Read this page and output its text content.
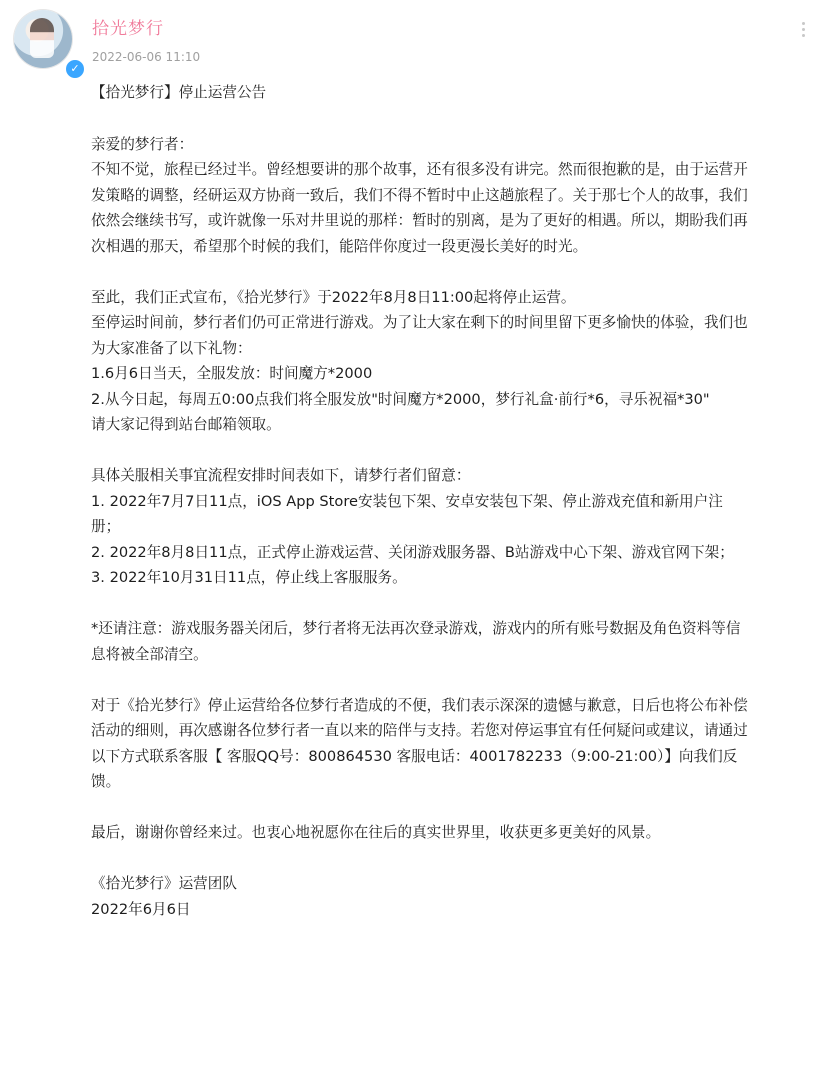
✓
拾光梦行
2022-06-06 11:10

【拾光梦行】停止运营公告

亲爱的梦行者：

不知不觉，旅程已经过半。曾经想要讲的那个故事，还有很多没有讲完。然而很抱歉的是，由于运营开发策略的调整，经研运双方协商一致后，我们不得不暂时中止这趟旅程了。关于那七个人的故事，我们依然会继续书写，或许就像一乐对井里说的那样：暂时的别离，是为了更好的相遇。所以，期盼我们再次相遇的那天，希望那个时候的我们，能陪伴你度过一段更漫长美好的时光。

至此，我们正式宣布，《拾光梦行》于2022年8月8日11:00起将停止运营。

至停运时间前，梦行者们仍可正常进行游戏。为了让大家在剩下的时间里留下更多愉快的体验，我们也为大家准备了以下礼物：

1.6月6日当天，全服发放：时间魔方*2000

2.从今日起，每周五0:00点我们将全服发放"时间魔方*2000，梦行礼盒·前行*6，寻乐祝福*30"

请大家记得到站台邮箱领取。

具体关服相关事宜流程安排时间表如下，请梦行者们留意：

1. 2022年7月7日11点，iOS App Store安装包下架、安卓安装包下架、停止游戏充值和新用户注册；

2. 2022年8月8日11点，正式停止游戏运营、关闭游戏服务器、B站游戏中心下架、游戏官网下架；

3. 2022年10月31日11点，停止线上客服服务。

*还请注意：游戏服务器关闭后，梦行者将无法再次登录游戏，游戏内的所有账号数据及角色资料等信息将被全部清空。

对于《拾光梦行》停止运营给各位梦行者造成的不便，我们表示深深的遗憾与歉意，日后也将公布补偿活动的细则，再次感谢各位梦行者一直以来的陪伴与支持。若您对停运事宜有任何疑问或建议，请通过以下方式联系客服【 客服QQ号：800864530 客服电话：4001782233（9:00-21:00）】向我们反馈。

最后，谢谢你曾经来过。也衷心地祝愿你在往后的真实世界里，收获更多更美好的风景。

《拾光梦行》运营团队

2022年6月6日
